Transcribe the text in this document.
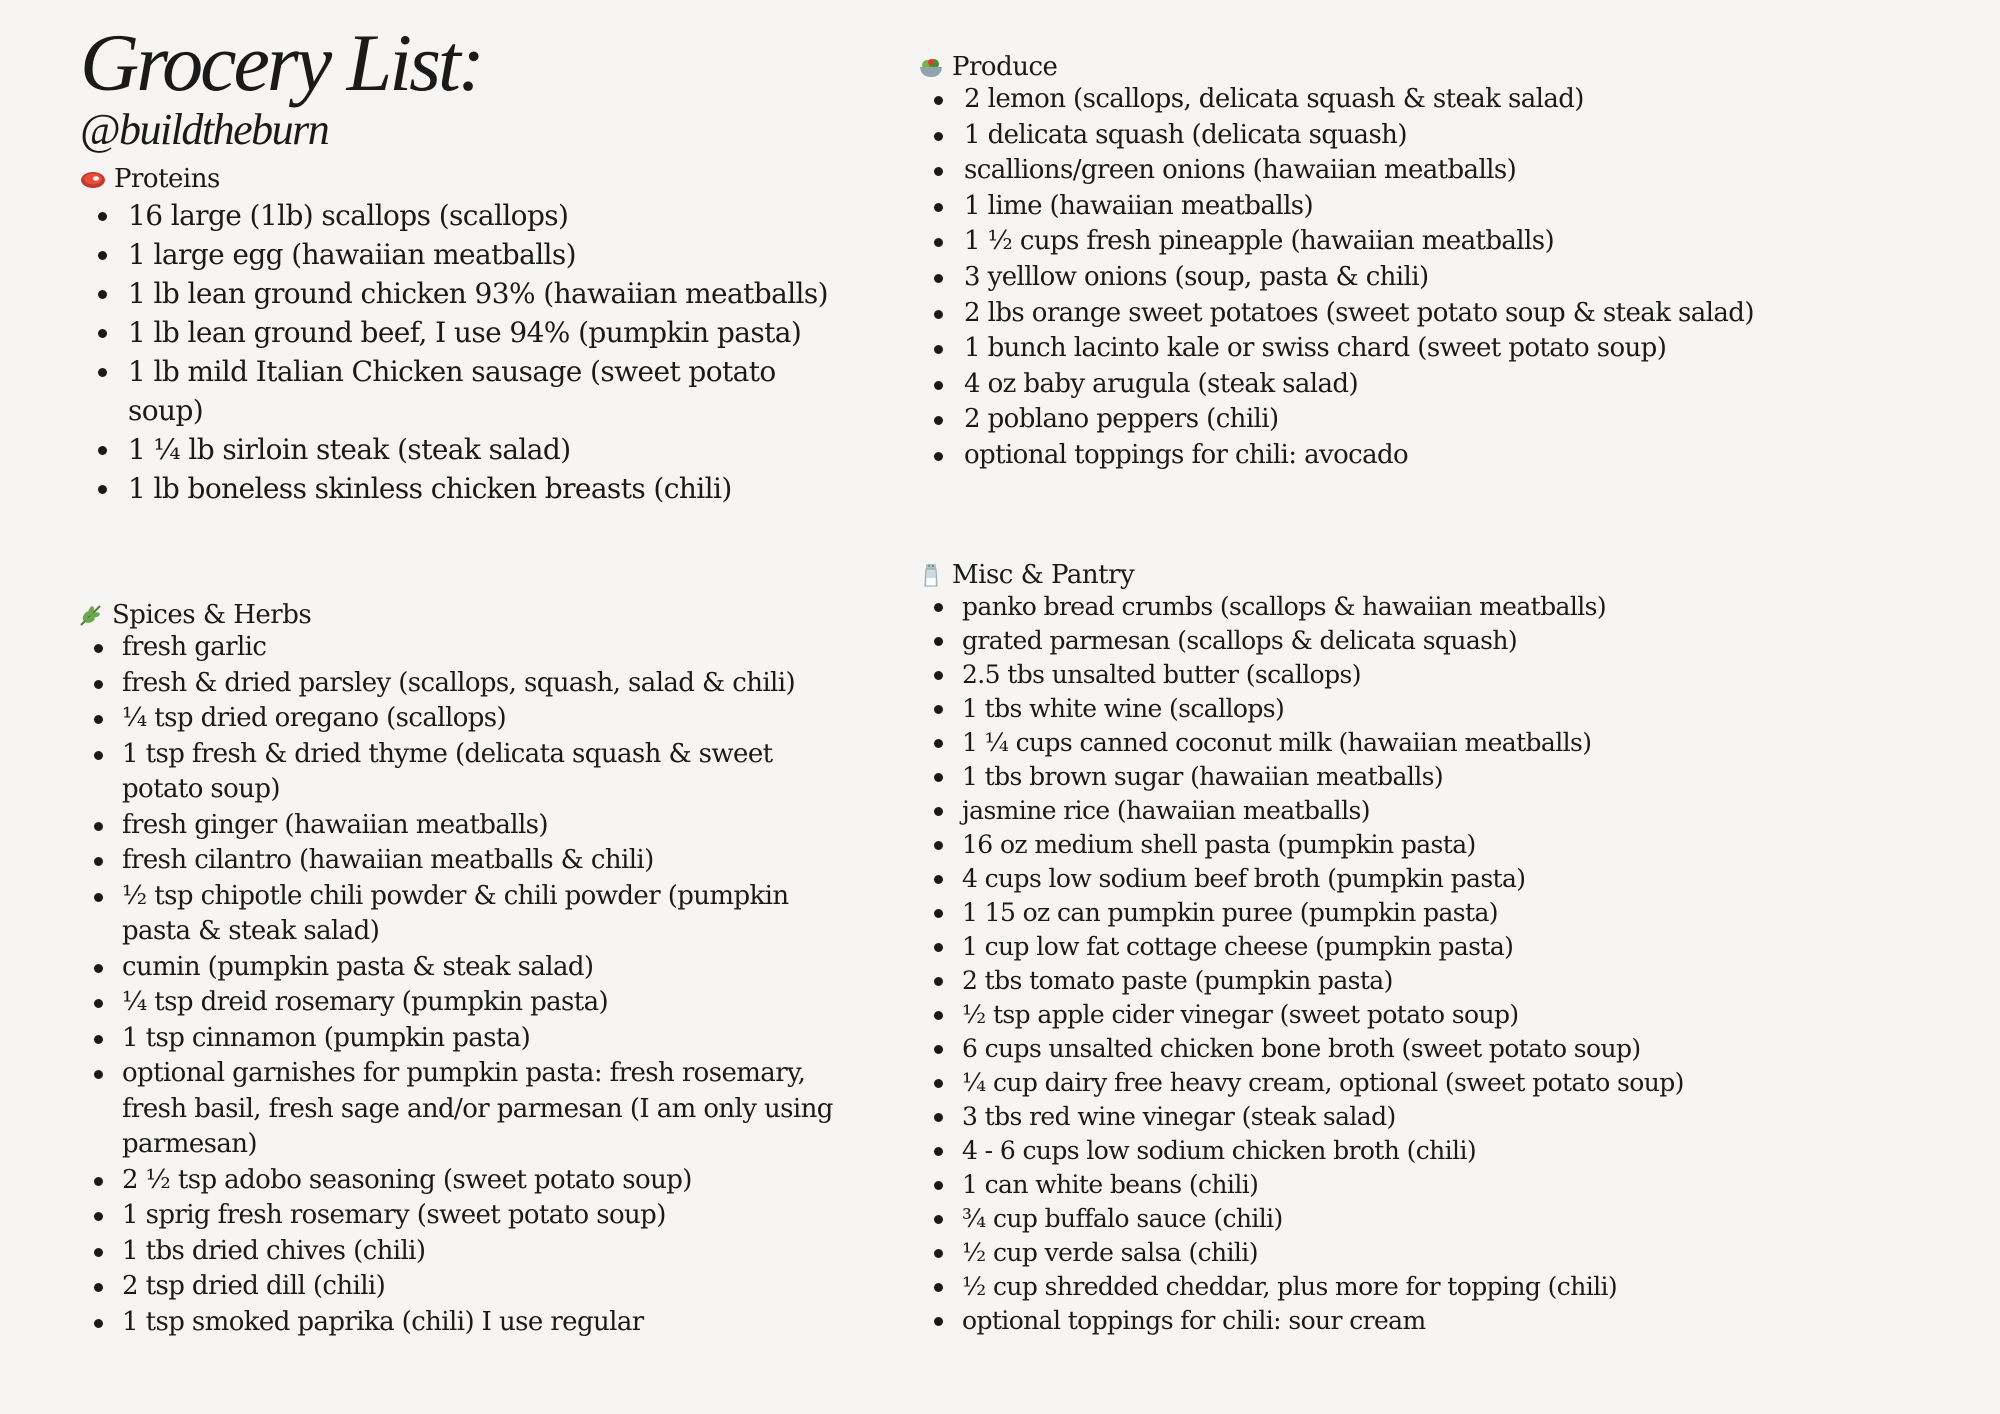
Grocery List:
@buildtheburn
Proteins
16 large (1lb) scallops (scallops)
1 large egg (hawaiian meatballs)
1 lb lean ground chicken 93% (hawaiian meatballs)
1 lb lean ground beef, I use 94% (pumpkin pasta)
1 lb mild Italian Chicken sausage (sweet potato soup)
1 ¼ lb sirloin steak (steak salad)
1 lb boneless skinless chicken breasts (chili)
Spices & Herbs
fresh garlic
fresh & dried parsley (scallops, squash, salad & chili)
¼ tsp dried oregano (scallops)
1 tsp fresh & dried thyme (delicata squash & sweet potato soup)
fresh ginger (hawaiian meatballs)
fresh cilantro (hawaiian meatballs & chili)
½ tsp chipotle chili powder & chili powder (pumpkin pasta & steak salad)
cumin (pumpkin pasta & steak salad)
¼ tsp dreid rosemary (pumpkin pasta)
1 tsp cinnamon (pumpkin pasta)
optional garnishes for pumpkin pasta: fresh rosemary, fresh basil, fresh sage and/or parmesan (I am only using parmesan)
2 ½ tsp adobo seasoning (sweet potato soup)
1 sprig fresh rosemary (sweet potato soup)
1 tbs dried chives (chili)
2 tsp dried dill (chili)
1 tsp smoked paprika (chili) I use regular
Produce
2 lemon (scallops, delicata squash & steak salad)
1 delicata squash (delicata squash)
scallions/green onions (hawaiian meatballs)
1 lime (hawaiian meatballs)
1 ½ cups fresh pineapple (hawaiian meatballs)
3 yelllow onions (soup, pasta & chili)
2 lbs orange sweet potatoes (sweet potato soup & steak salad)
1 bunch lacinto kale or swiss chard (sweet potato soup)
4 oz baby arugula (steak salad)
2 poblano peppers (chili)
optional toppings for chili: avocado
Misc & Pantry
panko bread crumbs (scallops & hawaiian meatballs)
grated parmesan (scallops & delicata squash)
2.5 tbs unsalted butter (scallops)
1 tbs white wine (scallops)
1 ¼ cups canned coconut milk (hawaiian meatballs)
1 tbs brown sugar (hawaiian meatballs)
jasmine rice (hawaiian meatballs)
16 oz medium shell pasta (pumpkin pasta)
4 cups low sodium beef broth (pumpkin pasta)
1 15 oz can pumpkin puree (pumpkin pasta)
1 cup low fat cottage cheese (pumpkin pasta)
2 tbs tomato paste (pumpkin pasta)
½ tsp apple cider vinegar (sweet potato soup)
6 cups unsalted chicken bone broth (sweet potato soup)
¼ cup dairy free heavy cream, optional (sweet potato soup)
3 tbs red wine vinegar (steak salad)
4 - 6 cups low sodium chicken broth (chili)
1 can white beans (chili)
¾ cup buffalo sauce (chili)
½ cup verde salsa (chili)
½ cup shredded cheddar, plus more for topping (chili)
optional toppings for chili: sour cream
